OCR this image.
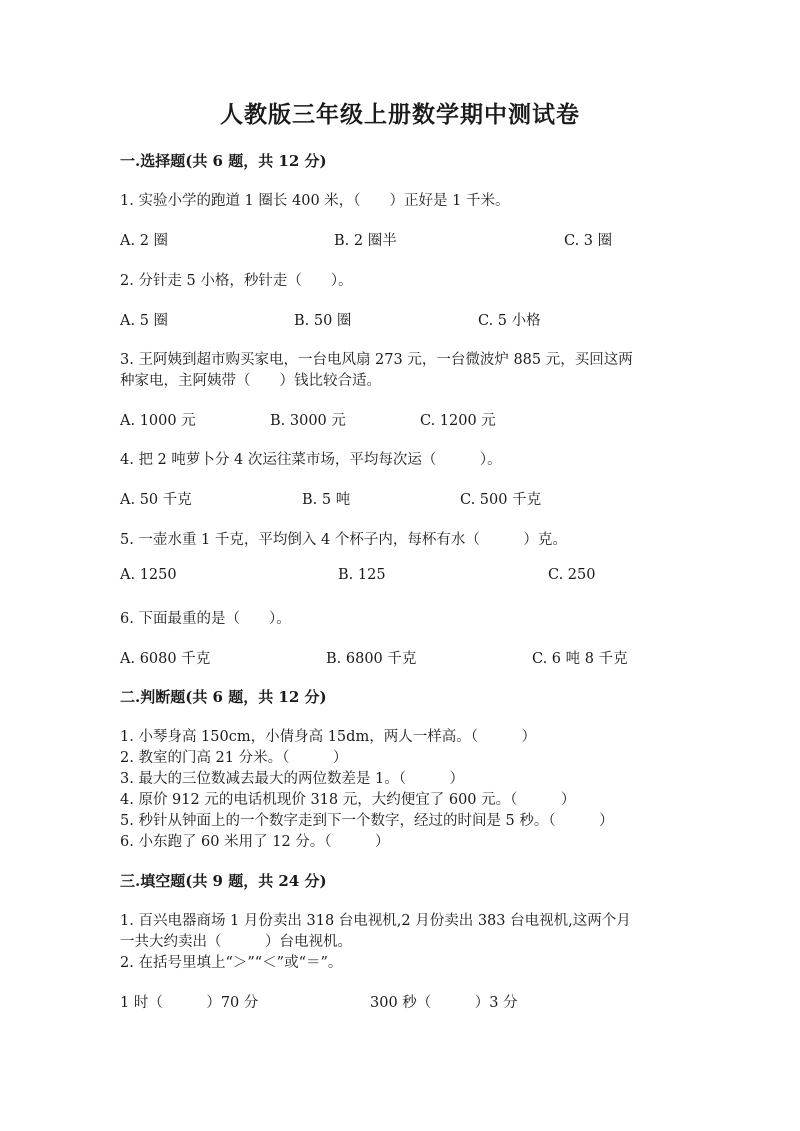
人教版三年级上册数学期中测试卷
一.选择题(共 6 题，共 12 分)
1. 实验小学的跑道 1 圈长 400 米，（　　）正好是 1 千米。
A. 2 圈	B. 2 圈半	C. 3 圈
2. 分针走 5 小格，秒针走（　　）。
A. 5 圈	B. 50 圈	C. 5 小格
3. 王阿姨到超市购买家电，一台电风扇 273 元，一台微波炉 885 元，买回这两
种家电，主阿姨带（　　）钱比较合适。
A. 1000 元	B. 3000 元	C. 1200 元
4. 把 2 吨萝卜分 4 次运往菜市场，平均每次运（　　　）。
A. 50 千克	B. 5 吨	C. 500 千克
5. 一壶水重 1 千克，平均倒入 4 个杯子内，每杯有水（　　　）克。
A. 1250	B. 125	C. 250
6. 下面最重的是（　　）。
A. 6080 千克	B. 6800 千克	C. 6 吨 8 千克
二.判断题(共 6 题，共 12 分)
1. 小琴身高 150cm，小倩身高 15dm，两人一样高。（　　　）
2. 教室的门高 21 分米。（　　　）
3. 最大的三位数减去最大的两位数差是 1。（　　　）
4. 原价 912 元的电话机现价 318 元，大约便宜了 600 元。（　　　）
5. 秒针从钟面上的一个数字走到下一个数字，经过的时间是 5 秒。（　　　）
6. 小东跑了 60 米用了 12 分。（　　　）
三.填空题(共 9 题，共 24 分)
1. 百兴电器商场 1 月份卖出 318 台电视机,2 月份卖出 383 台电视机,这两个月
一共大约卖出（　　　）台电视机。
2. 在括号里填上“＞”“＜”或“＝”。
1 时（　　　）70 分	300 秒（　　　）3 分
